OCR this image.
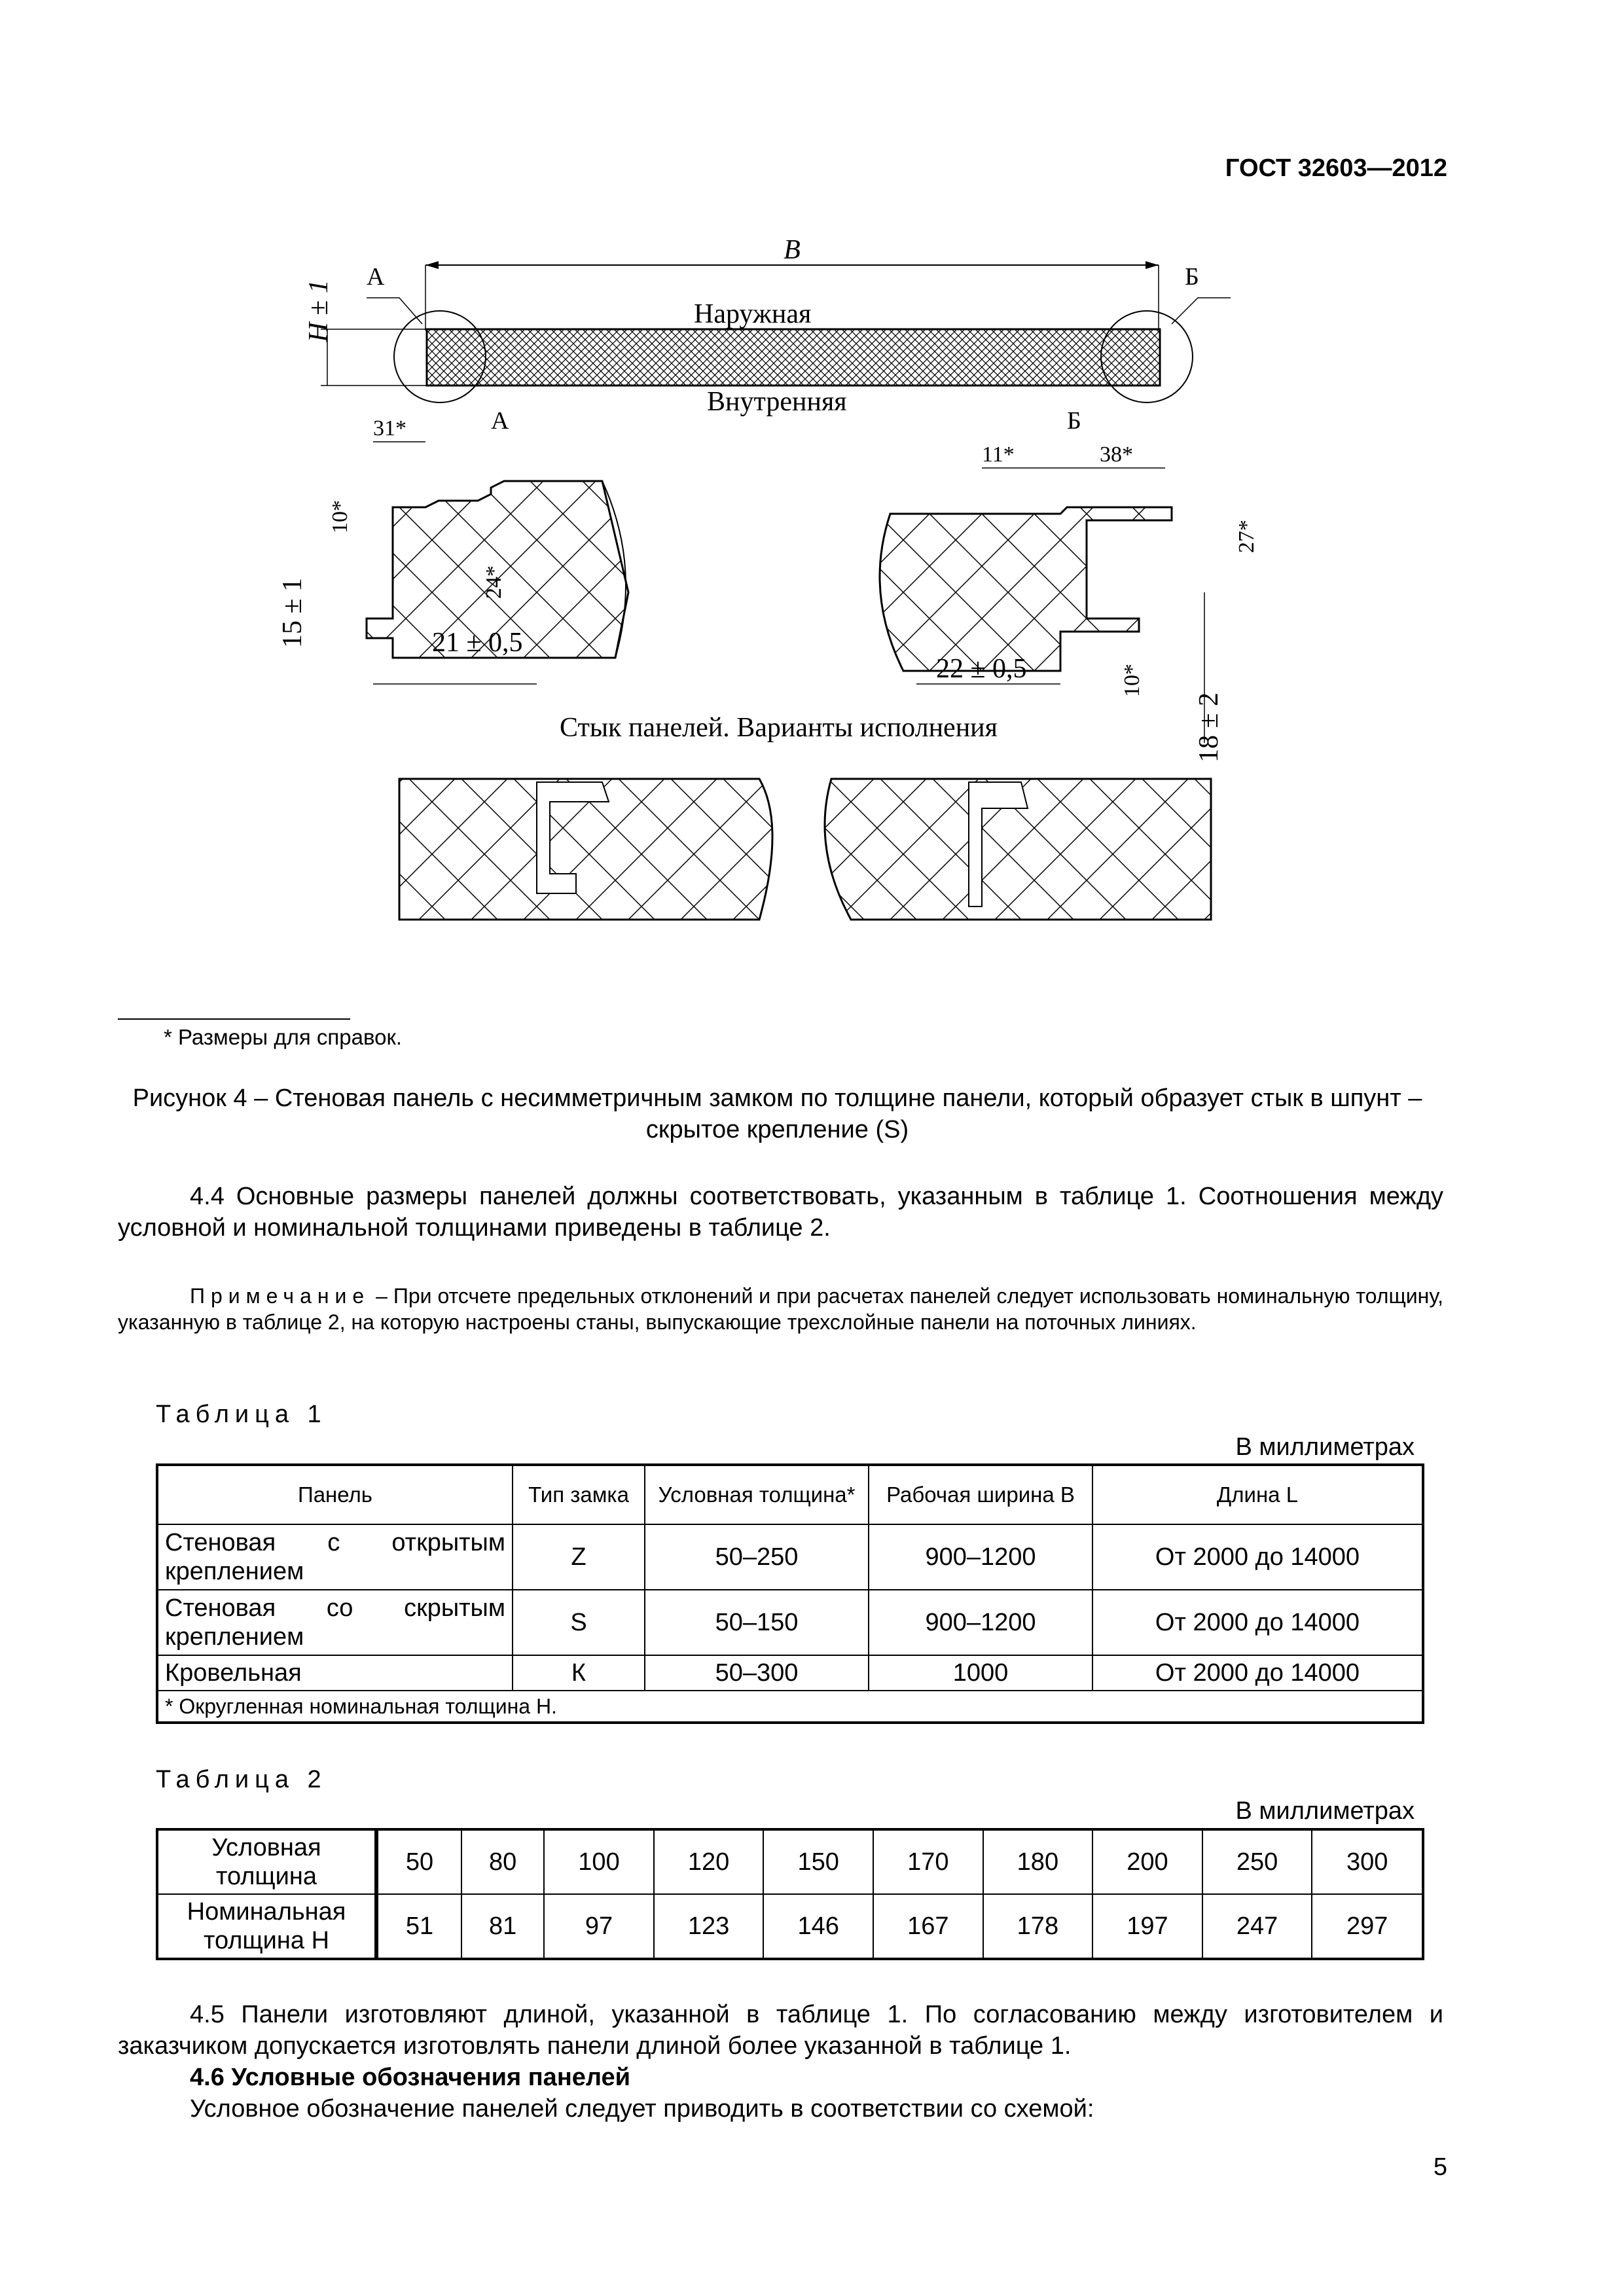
ГОСТ 32603—2012
B
H ± 1
А	Б
Наружная
Внутренняя
А
31*
10*
24*
15 ± 1	21 ± 0,5
Б
11*	38*
27*
10*
22 ± 0,5
18 ± 2
Стык панелей. Варианты исполнения
* Размеры для справок.
Рисунок 4 – Стеновая панель с несимметричным замком по толщине панели, который образует стык в шпунт – скрытое крепление (S)
4.4 Основные размеры панелей должны соответствовать, указанным в таблице 1. Соотношения между условной и номинальной толщинами приведены в таблице 2.
Примечание – При отсчете предельных отклонений и при расчетах панелей следует использовать номинальную толщину, указанную в таблице 2, на которую настроены станы, выпускающие трехслойные панели на поточных линиях.
Таблица 1
В миллиметрах
Панель	Тип замка	Условная толщина*	Рабочая ширина B	Длина L
Стеновая с открытым креплением	Z	50–250	900–1200	От 2000 до 14000
Стеновая со скрытым креплением	S	50–150	900–1200	От 2000 до 14000
Кровельная	К	50–300	1000	От 2000 до 14000
* Округленная номинальная толщина H.				
Таблица 2
В миллиметрах
Условная толщина	50	80	100	120	150	170	180	200	250	300
Номинальная толщина H	51	81	97	123	146	167	178	197	247	297
4.5 Панели изготовляют длиной, указанной в таблице 1. По согласованию между изготовителем и заказчиком допускается изготовлять панели длиной более указанной в таблице 1.
4.6 Условные обозначения панелей
Условное обозначение панелей следует приводить в соответствии со схемой:
5
